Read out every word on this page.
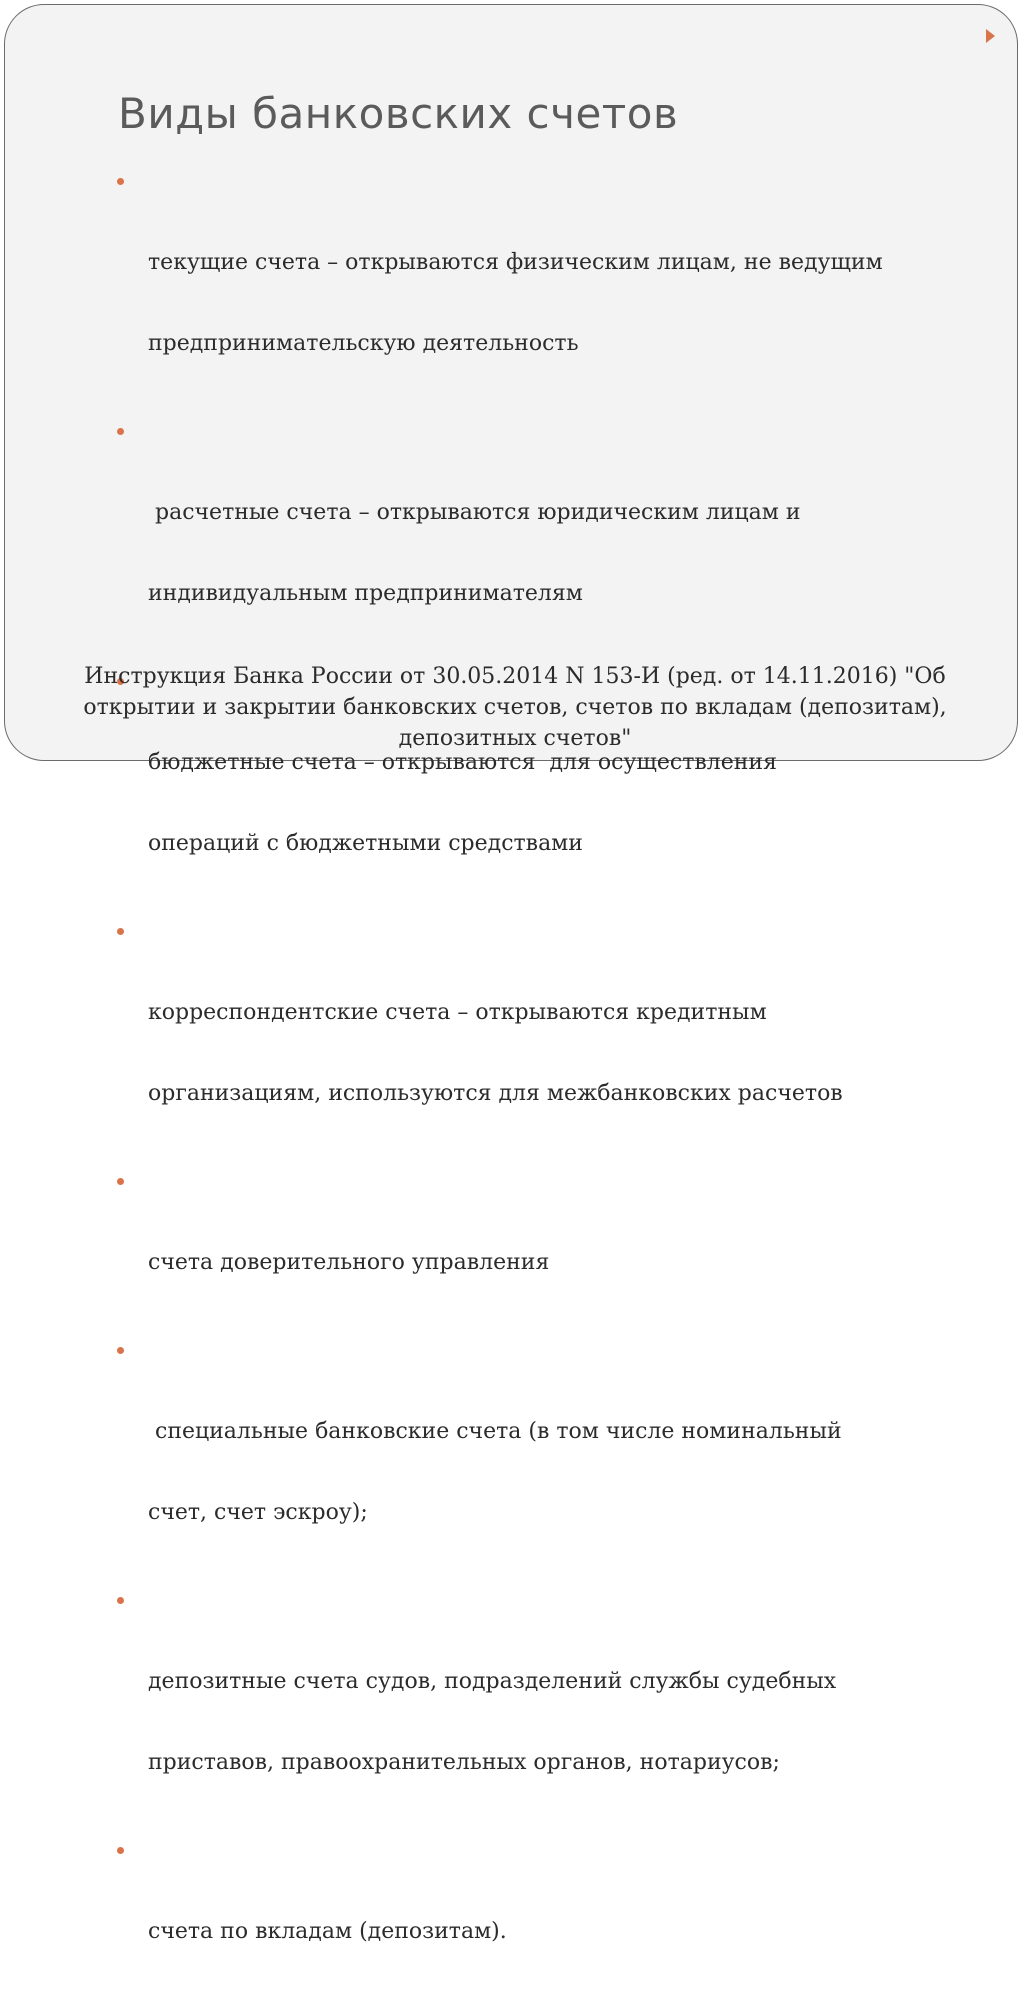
Виды банковских счетов

текущие счета – открываются физическим лицам, не ведущим

предпринимательскую деятельность

расчетные счета – открываются юридическим лицам и

индивидуальным предпринимателям

бюджетные счета – открываются  для осуществления

операций с бюджетными средствами

корреспондентские счета – открываются кредитным

организациям, используются для межбанковских расчетов

счета доверительного управления

специальные банковские счета (в том числе номинальный

счет, счет эскроу);

депозитные счета судов, подразделений службы судебных

приставов, правоохранительных органов, нотариусов;

счета по вкладам (депозитам).

Инструкция Банка России от 30.05.2014 N 153-И (ред. от 14.11.2016) "Об
открытии и закрытии банковских счетов, счетов по вкладам (депозитам),
депозитных счетов"
